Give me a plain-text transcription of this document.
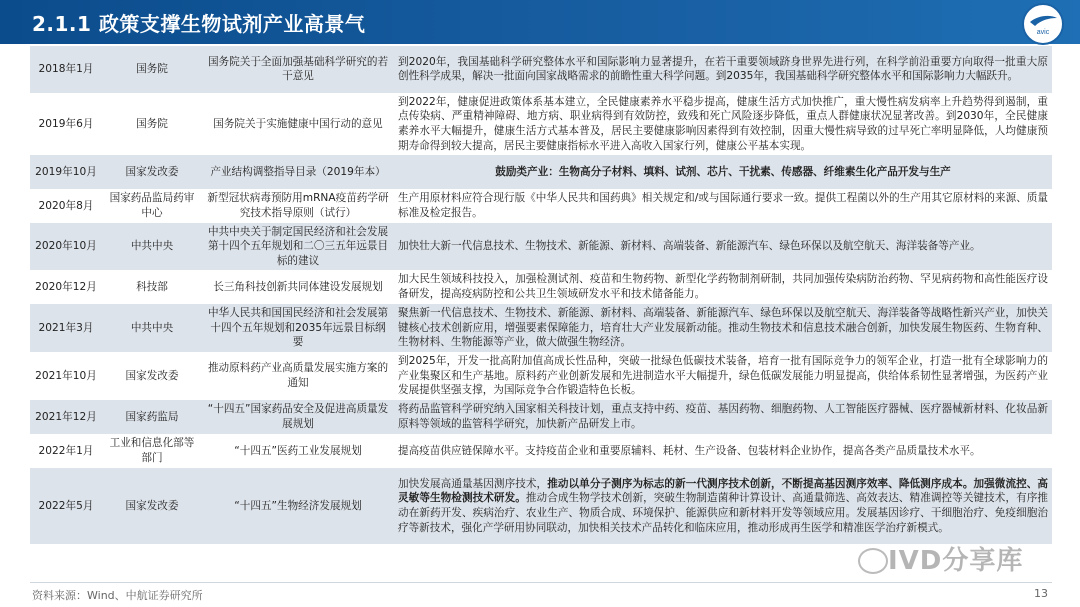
2.1.1 政策支撑生物试剂产业高景气	avic
2018年1月	国务院	国务院关于全面加强基础科学研究的若干意见	到2020年，我国基础科学研究整体水平和国际影响力显著提升，在若干重要领域跻身世界先进行列，在科学前沿重要方向取得一批重大原创性科学成果，解决一批面向国家战略需求的前瞻性重大科学问题。到2035年，我国基础科学研究整体水平和国际影响力大幅跃升。
2019年6月	国务院	国务院关于实施健康中国行动的意见	到2022年，健康促进政策体系基本建立，全民健康素养水平稳步提高，健康生活方式加快推广，重大慢性病发病率上升趋势得到遏制，重点传染病、严重精神障碍、地方病、职业病得到有效防控，致残和死亡风险逐步降低，重点人群健康状况显著改善。到2030年，全民健康素养水平大幅提升，健康生活方式基本普及，居民主要健康影响因素得到有效控制，因重大慢性病导致的过早死亡率明显降低，人均健康预期寿命得到较大提高，居民主要健康指标水平进入高收入国家行列，健康公平基本实现。
2019年10月	国家发改委	产业结构调整指导目录（2019年本）	鼓励类产业：生物高分子材料、填料、试剂、芯片、干扰素、传感器、纤维素生化产品开发与生产
2020年8月	国家药品监局药审中心	新型冠状病毒预防用mRNA疫苗药学研究技术指导原则（试行）	生产用原材料应符合现行版《中华人民共和国药典》相关规定和/或与国际通行要求一致。提供工程菌以外的生产用其它原材料的来源、质量标准及检定报告。
2020年10月	中共中央	中共中央关于制定国民经济和社会发展第十四个五年规划和二〇三五年远景目标的建议	加快壮大新一代信息技术、生物技术、新能源、新材料、高端装备、新能源汽车、绿色环保以及航空航天、海洋装备等产业。
2020年12月	科技部	长三角科技创新共同体建设发展规划	加大民生领域科技投入，加强检测试剂、疫苗和生物药物、新型化学药物制剂研制，共同加强传染病防治药物、罕见病药物和高性能医疗设备研发，提高疫病防控和公共卫生领域研发水平和技术储备能力。
2021年3月	中共中央	中华人民共和国国民经济和社会发展第十四个五年规划和2035年远景目标纲要	聚焦新一代信息技术、生物技术、新能源、新材料、高端装备、新能源汽车、绿色环保以及航空航天、海洋装备等战略性新兴产业，加快关键核心技术创新应用，增强要素保障能力，培育壮大产业发展新动能。推动生物技术和信息技术融合创新，加快发展生物医药、生物育种、生物材料、生物能源等产业，做大做强生物经济。
2021年10月	国家发改委	推动原料药产业高质量发展实施方案的通知	到2025年，开发一批高附加值高成长性品种，突破一批绿色低碳技术装备，培育一批有国际竞争力的领军企业，打造一批有全球影响力的产业集聚区和生产基地。原料药产业创新发展和先进制造水平大幅提升，绿色低碳发展能力明显提高，供给体系韧性显著增强，为医药产业发展提供坚强支撑，为国际竞争合作锻造特色长板。
2021年12月	国家药监局	“十四五”国家药品安全及促进高质量发展规划	将药品监管科学研究纳入国家相关科技计划，重点支持中药、疫苗、基因药物、细胞药物、人工智能医疗器械、医疗器械新材料、化妆品新原料等领域的监管科学研究，加快新产品研发上市。
2022年1月	工业和信息化部等部门	“十四五”医药工业发展规划	提高疫苗供应链保障水平。支持疫苗企业和重要原辅料、耗材、生产设备、包装材料企业协作，提高各类产品质量技术水平。
2022年5月	国家发改委	“十四五”生物经济发展规划	加快发展高通量基因测序技术，推动以单分子测序为标志的新一代测序技术创新，不断提高基因测序效率、降低测序成本。加强微流控、高灵敏等生物检测技术研发。推动合成生物学技术创新，突破生物制造菌种计算设计、高通量筛选、高效表达、精准调控等关键技术，有序推动在新药开发、疾病治疗、农业生产、物质合成、环境保护、能源供应和新材料开发等领域应用。发展基因诊疗、干细胞治疗、免疫细胞治疗等新技术，强化产学研用协同联动，加快相关技术产品转化和临床应用，推动形成再生医学和精准医学治疗新模式。
IVD分享库
资料来源：Wind、中航证券研究所	13
